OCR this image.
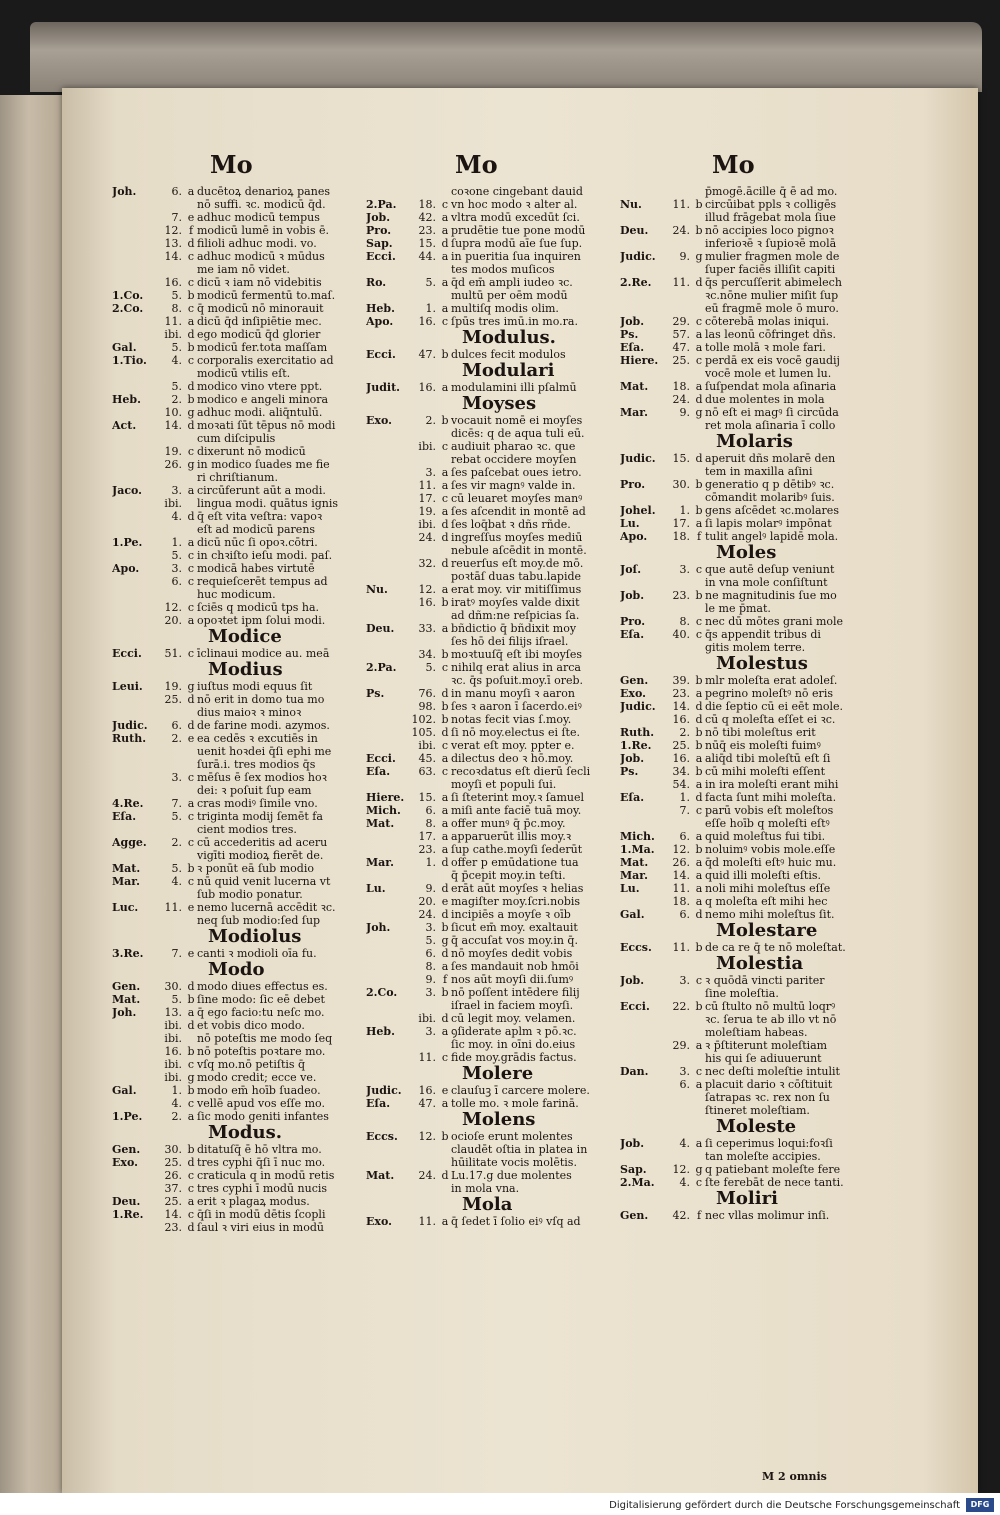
Mo	Mo	Mo
Joh.	6. a ducētoꝝ denarioꝝ panes
nō suffi. ꝛc. modicū q̄d.
7. e adhuc modicū tempus
12. f modicū lumē in vobis ē.
13. d filioli adhuc modi. vo.
14. c adhuc modicū ꝛ mūdus
me iam nō videt.
16. c dicū ꝛ iam nō videbitis
1.Co.	5. b modicū fermentū to.maſ.
2.Co.	8. c q̄ modicū nō minorauit
11. a dicū q̄d inſipiētie mec.
ibi. d ego modicū q̄d glorier
Gal.	5. b modicū fer.tota maſſam
1.Tio.	4. c corporalis exercitatio ad
modicū vtilis eſt.
5. d modico vino vtere ppt.
Heb.	2. b modico e angeli minora
10. g adhuc modi. aliq̄ntulū.
Act.	14. d moꝛati ſūt tēpus nō modi
cum diſcipulis
19. c dixerunt nō modicū
26. g in modico ſuades me fie
ri chriſtianum.
Jaco.	3. a circūferunt aūt a modi.
ibi. lingua modi. quātus ignis
4. d q̄ eſt vita veſtra: vapoꝛ
eſt ad modicū parens
1.Pe.	1. a dicū nūc ſi opoꝛ.cōtri.
5. c in chꝛiſto ieſu modi. paſ.
Apo.	3. c modicā habes virtutē
6. c requieſcerēt tempus ad
huc modicum.
12. c ſciēs q modicū tps ha.
20. a opoꝛtet ipm ſolui modi.
Modice
Ecci.	51. c īclinaui modice au. meā
Modius
Leui.	19. g iuſtus modi equus ſit
25. d nō erit in domo tua mo
dius maioꝛ ꝛ minoꝛ
Judic.	6. d de farine modi. azymos.
Ruth.	2. e ea cedēs ꝛ excutiēs in
uenit hoꝛdei q̄ſi ephi me
ſurā.i. tres modios q̄s
3. c mēſus ē ſex modios hoꝛ
dei: ꝛ poſuit ſup eam
4.Re.	7. a cras modiꝰ ſimile vno.
Eſa.	5. c triginta modij ſemēt fa
cient modios tres.
Agge.	2. c cū accederitis ad aceru
vigīti modioꝝ fierēt de.
Mat.	5. b ꝛ ponūt eā ſub modio
Mar.	4. c nū quid venit lucerna vt
ſub modio ponatur.
Luc.	11. e nemo lucernā accēdit ꝛc.
neq ſub modio:ſed ſup
Modiolus
3.Re.	7. e canti ꝛ modioli oīa fu.
Modo
Gen.	30. d modo diues effectus es.
Mat.	5. b ſine modo: ſic eē debet
Joh.	13. a q̄ ego facio:tu neſc mo.
ibi. d et vobis dico modo.
ibi. nō poteſtis me modo ſeq
16. b nō poteſtis poꝛtare mo.
ibi. c vſq mo.nō petiſtis q̄
ibi. g modo credit; ecce ve.
Gal.	1. b modo em̄ hoīb ſuadeo.
4. c vellē apud vos eſſe mo.
1.Pe.	2. a ſic modo geniti infantes
Modus.
Gen.	30. b ditatuſq̄ ē hō vltra mo.
Exo.	25. d tres cyphi q̄ſi ī nuc mo.
26. c craticula q in modū retis
37. c tres cyphi ī modū nucis
Deu.	25. a erit ꝛ plagaꝝ modus.
1.Re.	14. c q̄ſi in modū dētis ſcopli
23. d ſaul ꝛ viri eius in modū
coꝛone cingebant dauid
2.Pa.	18. c vn hoc modo ꝛ alter al.
Job.	42. a vltra modū excedūt ſci.
Pro.	23. a prudētie tue pone modū
Sap.	15. d ſupra modū aīe ſue ſup.
Ecci.	44. a in pueritia ſua inquiren
tes modos muſicos
Ro.	5. a q̄d em̄ ampli iudeo ꝛc.
multū per oēm modū
Heb.	1. a multiſq modis olim.
Apo.	16. c ſpūs tres imū.in mo.ra.
Modulus.
Ecci.	47. b dulces fecit modulos
Modulari
Judit.	16. a modulamini illi pſalmū
Moyses
Exo.	2. b vocauit nomē ei moyſes
dicēs: q de aqua tuli eū.
ibi. c audiuit pharao ꝛc. que
rebat occidere moyſen
3. a ſes paſcebat oues ietro.
11. a ſes vir magnꝰ valde in.
17. c cū leuaret moyſes manꝰ
19. a ſes aſcendit in montē ad
ibi. d ſes loq̄bat ꝛ dñs rñde.
24. d ingreſſus moyſes mediū
nebule aſcēdit in montē.
32. d reuerſus eſt moy.de mō.
poꝛtāſ duas tabu.lapide
Nu.	12. a erat moy. vir mitiſſimus
16. b iratꝰ moyſes valde dixit
ad dñm:ne reſpicias ſa.
Deu.	33. a bñdictio q̄ bñdixit moy
ſes hō dei filijs iſrael.
34. b moꝛtuuſq̄ eſt ibi moyſes
2.Pa.	5. c nihilq erat alius in arca
ꝛc. q̄s poſuit.moy.ī oreb.
Ps.	76. d in manu moyſi ꝛ aaron
98. b ſes ꝛ aaron ī ſacerdo.eiꝰ
102. b notas fecit vias ſ.moy.
105. d ſi nō moy.electus ei ſte.
ibi. c verat eſt moy. ppter e.
Ecci.	45. a dilectus deo ꝛ hō.moy.
Eſa.	63. c recoꝛdatus eſt dierū ſecli
moyſi et populi ſui.
Hiere.	15. a ſi ſteterint moy.ꝛ ſamuel
Mich.	6. a miſi ante faciē tuā moy.
Mat.	8. a offer munꝰ q̄ p̄c.moy.
17. a apparuerūt illis moy.ꝛ
23. a ſup cathe.moyſi ſederūt
Mar.	1. d offer p emūdatione tua
q̄ p̄cepit moy.in teſti.
Lu.	9. d erāt aūt moyſes ꝛ helias
20. e magiſter moy.ſcri.nobis
24. d incipiēs a moyſe ꝛ oīb
Joh.	3. b ſicut em̄ moy. exaltauit
5. g q̄ accuſat vos moy.in q̄.
6. d nō moyſes dedit vobis
8. a ſes mandauit nob hmōi
9. f nos aūt moyſi dii.ſumꝰ
2.Co.	3. b nō poſſent intēdere filij
iſrael in faciem moyſi.
ibi. d cū legit moy. velamen.
Heb.	3. a ꝯſiderate aplm ꝛ pō.ꝛc.
ſic moy. in oīni do.eius
11. c fide moy.grādis factus.
Molere
Judic.	16. e clauſuꝫ ī carcere molere.
Eſa.	47. a tolle mo. ꝛ mole farinā.
Molens
Eccs.	12. b ocioſe erunt molentes
claudēt oſtia in platea in
hūilitate vocis molētis.
Mat.	24. d Lu.17.g due molentes
in mola vna.
Mola
Exo.	11. a q̄ ſedet ī ſolio eiꝰ vſq ad
p̄mogē.ācille q̄ ē ad mo.
Nu.	11. b circūibat ppls ꝛ colligēs
illud frāgebat mola ſiue
Deu.	24. b nō accipies loco pignoꝛ
inferioꝛē ꝛ ſupioꝛē molā
Judic.	9. g mulier fragmen mole de
ſuper faciēs illiſit capiti
2.Re.	11. d q̄s percuſſerit abimelech
ꝛc.nōne mulier miſit ſup
eū fragmē mole ō muro.
Job.	29. c cōterebā molas iniqui.
Ps.	57. a las leonū cōfringet dñs.
Eſa.	47. a tolle molā ꝛ mole fari.
Hiere.	25. c perdā ex eis vocē gaudij
vocē mole et lumen lu.
Mat.	18. a ſuſpendat mola aſinaria
24. d due molentes in mola
Mar.	9. g nō eſt ei magꝰ ſi circūda
ret mola aſinaria ī collo
Molaris
Judic.	15. d aperuit dñs molarē den
tem in maxilla aſini
Pro.	30. b generatio q p dētibꝰ ꝛc.
cōmandit molaribꝰ ſuis.
Johel.	1. b gens aſcēdet ꝛc.molares
Lu.	17. a ſi lapis molarꝰ impōnat
Apo.	18. f tulit angelꝰ lapidē mola.
Moles
Joſ.	3. c que autē deſup veniunt
in vna mole conſiſtunt
Job.	23. b ne magnitudinis ſue mo
le me p̄mat.
Pro.	8. c nec dū mōtes grani mole
Eſa.	40. c q̄s appendit tribus di
gitis molem terre.
Molestus
Gen.	39. b mlr moleſta erat adoleſ.
Exo.	23. a pegrino moleſtꝰ nō eris
Judic.	14. d die ſeptio cū ei eēt mole.
16. d cū q moleſta eſſet ei ꝛc.
Ruth.	2. b nō tibi moleſtus erit
1.Re.	25. b nūq̄ eis moleſti fuimꝰ
Job.	16. a aliq̄d tibi moleſtū eſt ſi
Ps.	34. b cū mihi moleſti eſſent
54. a in ira moleſti erant mihi
Eſa.	1. d facta ſunt mihi moleſta.
7. c parū vobis eſt moleſtos
eſſe hoīb q moleſti eſtꝰ
Mich.	6. a quid moleſtus fui tibi.
1.Ma.	12. b noluimꝰ vobis mole.eſſe
Mat.	26. a q̄d moleſti eſtꝰ huic mu.
Mar.	14. a quid illi moleſti eſtis.
Lu.	11. a noli mihi moleſtus eſſe
18. a q moleſta eſt mihi hec
Gal.	6. d nemo mihi moleſtus ſit.
Molestare
Eccs.	11. b de ca re q̄ te nō moleſtat.
Molestia
Job.	3. c ꝛ quōdā vincti pariter
ſine moleſtia.
Ecci.	22. b cū ſtulto nō multū loqrꝰ
ꝛc. ſerua te ab illo vt nō
moleſtiam habeas.
29. a ꝛ p̄ſtiterunt moleſtiam
his qui ſe adiuuerunt
Dan.	3. c nec deſti moleſtie intulit
6. a placuit dario ꝛ cōſtituit
ſatrapas ꝛc. rex non ſu
ſtineret moleſtiam.
Moleste
Job.	4. a ſi ceperimus loqui:foꝛſi
tan moleſte accipies.
Sap.	12. g q patiebant moleſte fere
2.Ma.	4. c ſte ferebāt de nece tanti.
Moliri
Gen.	42. f nec vllas molimur inſi.
M 2 omnis
Digitalisierung gefördert durch die Deutsche Forschungsgemeinschaft	DFG
